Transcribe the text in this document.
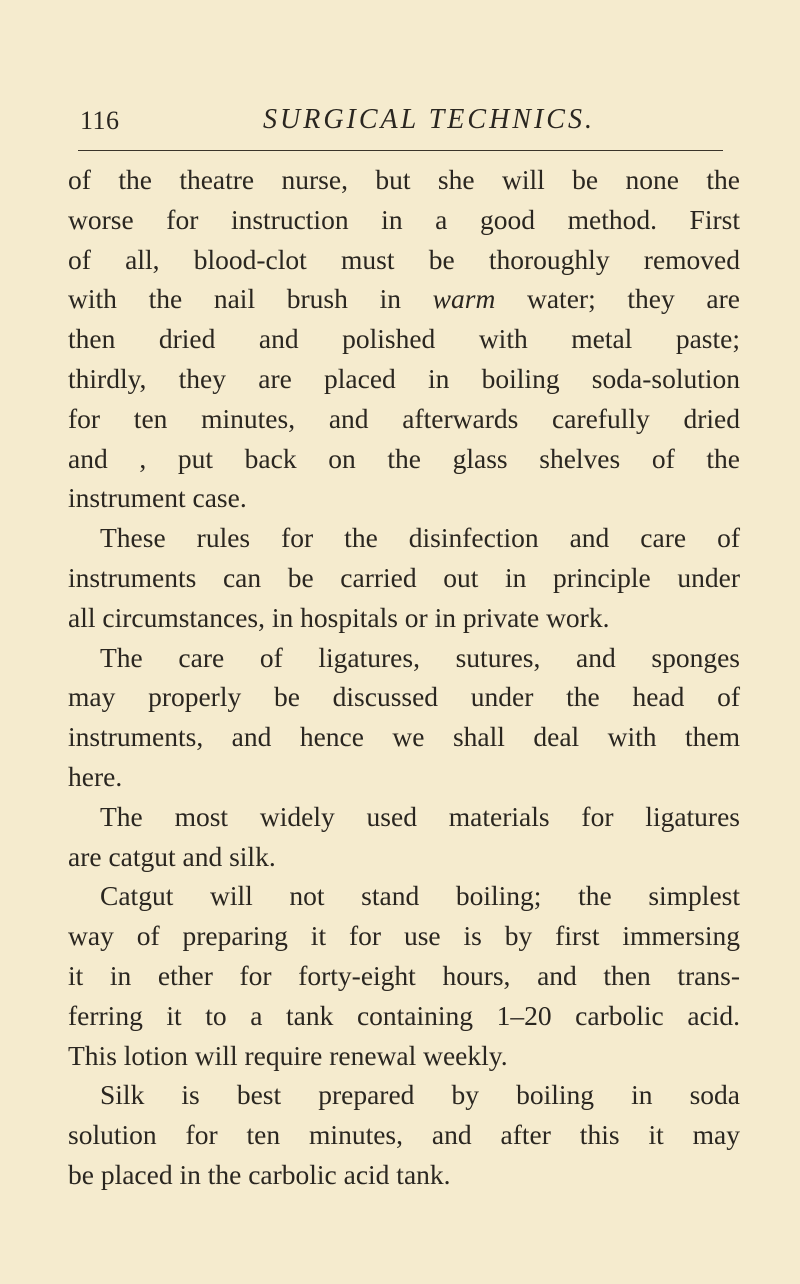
116	SURGICAL TECHNICS.
of the theatre nurse, but she will be none the
worse for instruction in a good method. First
of all, blood-clot must be thoroughly removed
with the nail brush in warm water; they are
then dried and polished with metal paste;
thirdly, they are placed in boiling soda-solution
for ten minutes, and afterwards carefully dried
and , put back on the glass shelves of the
instrument case.
These rules for the disinfection and care of
instruments can be carried out in principle under
all circumstances, in hospitals or in private work.
The care of ligatures, sutures, and sponges
may properly be discussed under the head of
instruments, and hence we shall deal with them
here.
The most widely used materials for ligatures
are catgut and silk.
Catgut will not stand boiling; the simplest
way of preparing it for use is by first immersing
it in ether for forty-eight hours, and then trans-
ferring it to a tank containing 1–20 carbolic acid.
This lotion will require renewal weekly.
Silk is best prepared by boiling in soda
solution for ten minutes, and after this it may
be placed in the carbolic acid tank.
